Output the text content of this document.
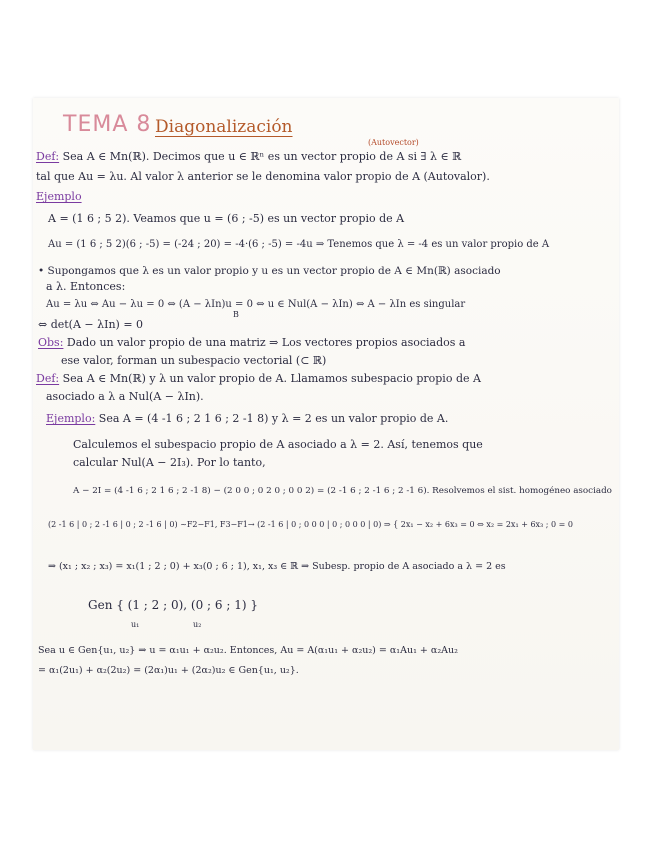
TEMA 8 Diagonalización
(Autovector)
Def: Sea A ∈ Mn(ℝ). Decimos que u ∈ ℝⁿ es un vector propio de A si ∃ λ ∈ ℝ
tal que Au = λu. Al valor λ anterior se le denomina valor propio de A (Autovalor).
Ejemplo
A = (1 6 ; 5 2). Veamos que u = (6 ; -5) es un vector propio de A
Au = (1 6 ; 5 2)(6 ; -5) = (-24 ; 20) = -4·(6 ; -5) = -4u ⇒ Tenemos que λ = -4 es un valor propio de A
• Supongamos que λ es un valor propio y u es un vector propio de A ∈ Mn(ℝ) asociado
a λ. Entonces:
Au = λu ⇔ Au − λu = 0 ⇔ (A − λIn)u = 0 ⇔ u ∈ Nul(A − λIn) ⇔ A − λIn es singular
B
⇔ det(A − λIn) = 0
Obs: Dado un valor propio de una matriz ⇒ Los vectores propios asociados a
ese valor, forman un subespacio vectorial (⊂ ℝ)
Def: Sea A ∈ Mn(ℝ) y λ un valor propio de A. Llamamos subespacio propio de A
asociado a λ a Nul(A − λIn).
Ejemplo: Sea A = (4 -1 6 ; 2 1 6 ; 2 -1 8) y λ = 2 es un valor propio de A.
Calculemos el subespacio propio de A asociado a λ = 2. Así, tenemos que
calcular Nul(A − 2I₃). Por lo tanto,
A − 2I = (4 -1 6 ; 2 1 6 ; 2 -1 8) − (2 0 0 ; 0 2 0 ; 0 0 2) = (2 -1 6 ; 2 -1 6 ; 2 -1 6). Resolvemos el sist. homogéneo asociado
(2 -1 6 | 0 ; 2 -1 6 | 0 ; 2 -1 6 | 0) ~F2−F1, F3−F1→ (2 -1 6 | 0 ; 0 0 0 | 0 ; 0 0 0 | 0) ⇒ { 2x₁ − x₂ + 6x₃ = 0 ⇔ x₂ = 2x₁ + 6x₃ ; 0 = 0
⇒ (x₁ ; x₂ ; x₃) = x₁(1 ; 2 ; 0) + x₃(0 ; 6 ; 1), x₁, x₃ ∈ ℝ ⇒ Subesp. propio de A asociado a λ = 2 es
Gen { (1 ; 2 ; 0), (0 ; 6 ; 1) }
u₁	u₂
Sea u ∈ Gen{u₁, u₂} ⇒ u = α₁u₁ + α₂u₂. Entonces, Au = A(α₁u₁ + α₂u₂) = α₁Au₁ + α₂Au₂
= α₁(2u₁) + α₂(2u₂) = (2α₁)u₁ + (2α₂)u₂ ∈ Gen{u₁, u₂}.
